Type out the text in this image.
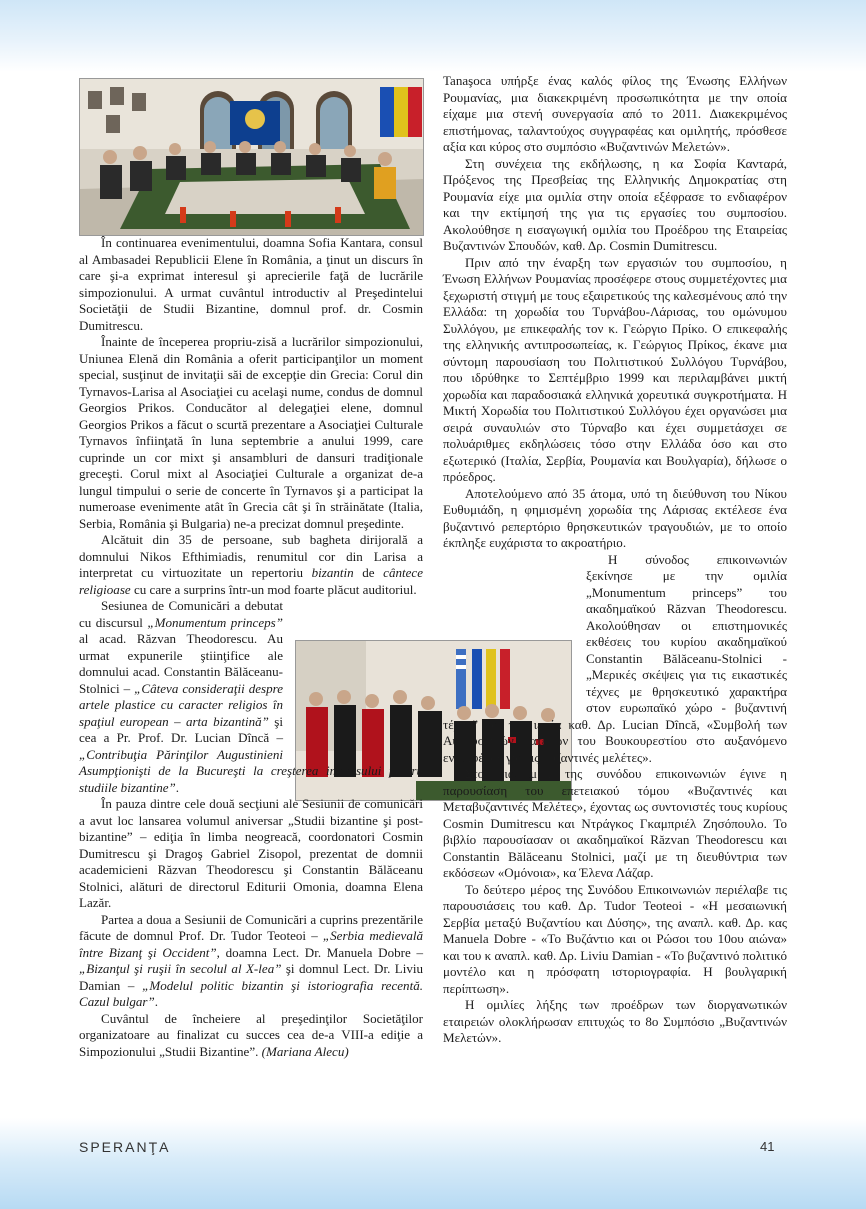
În continuarea evenimentului, doamna Sofia Kantara, consul al Ambasadei Republicii Elene în România, a ţinut un discurs în care şi-a exprimat interesul şi aprecierile faţă de lucrările simpozionului. A urmat cuvântul introductiv al Preşedintelui Societăţii de Studii Bizantine, domnul prof. dr. Cosmin Dumitrescu.

Înainte de începerea propriu-zisă a lucrărilor simpozionului, Uniunea Elenă din România a oferit participanţilor un moment special, susţinut de invitaţii săi de excepţie din Grecia: Corul din Tyrnavos-Larisa al Asociaţiei cu acelaşi nume, condus de domnul Georgios Prikos. Conducător al delegaţiei elene, domnul Georgios Prikos a făcut o scurtă prezentare a Asociaţiei Culturale Tyrnavos înfiinţată în luna septembrie a anului 1999, care cuprinde un cor mixt şi ansambluri de dansuri tradiţionale greceşti. Corul mixt al Asociaţiei Culturale a organizat de-a lungul timpului o serie de concerte în Tyrnavos şi a participat la numeroase evenimente atât în Grecia cât şi în străinătate (Italia, Serbia, România şi Bulgaria) ne-a precizat domnul preşedinte.

Alcătuit din 35 de persoane, sub bagheta dirijorală a domnului Nikos Efthimiadis, renumitul cor din Larisa a interpretat cu virtuozitate un repertoriu bizantin de cântece religioase cu care a surprins într-un mod foarte plăcut auditoriul.

Sesiunea de Comunicări a debutat cu discursul „Monumentum princeps” al acad. Răzvan Theodorescu. Au urmat expunerile ştiinţifice ale domnului acad. Constantin Bălăceanu-Stolnici – „Câteva consideraţii despre artele plastice cu caracter religios în spaţiul european – arta bizantină” şi cea a Pr. Prof. Dr. Lucian Dîncă – „Contribuţia Părinţilor Augustinieni Asumpţionişti de la Bucureşti la creşterea interesului pentru studiile bizantine”.

În pauza dintre cele două secţiuni ale Sesiunii de comunicări a avut loc lansarea volumul aniversar „Studii bizantine şi post-bizantine” – ediţia în limba neogreacă, coordonatori Cosmin Dumitrescu şi Dragoş Gabriel Zisopol, prezentat de domnii academicieni Răzvan Theodorescu şi Constantin Bălăceanu Stolnici, alături de directorul Editurii Omonia, doamna Elena Lazăr.

Partea a doua a Sesiunii de Comunicări a cuprins prezentările făcute de domnul Prof. Dr. Tudor Teoteoi – „Serbia medievală între Bizanţ şi Occident”, doamna Lect. Dr. Manuela Dobre – „Bizanţul şi ruşii în secolul al X-lea” şi domnul Lect. Dr. Liviu Damian – „Modelul politic bizantin şi istoriografia recentă. Cazul bulgar”.

Cuvântul de încheiere al preşedinţilor Societăţilor organizatoare au finalizat cu succes cea de-a VIII-a ediţie a Simpozionului „Studii Bizantine”. (Mariana Alecu)

Tanaşoca υπήρξε ένας καλός φίλος της Ένωσης Ελλήνων Ρουμανίας, μια διακεκριμένη προσωπικότητα με την οποία είχαμε μια στενή συνεργασία από το 2011. Διακεκριμένος επιστήμονας, ταλαντούχος συγγραφέας και ομιλητής, πρόσθεσε αξία και κύρος στο συμπόσιο «Βυζαντινών Μελετών».

Στη συνέχεια της εκδήλωσης, η κα Σοφία Κανταρά, Πρόξενος της Πρεσβείας της Ελληνικής Δημοκρατίας στη Ρουμανία είχε μια ομιλία στην οποία εξέφρασε το ενδιαφέρον και την εκτίμησή της για τις εργασίες του συμποσίου. Ακολούθησε η εισαγωγική ομιλία του Προέδρου της Εταιρείας Βυζαντινών Σπουδών, καθ. Δρ. Cosmin Dumitrescu.

Πριν από την έναρξη των εργασιών του συμποσίου, η Ένωση Ελλήνων Ρουμανίας προσέφερε στους συμμετέχοντες μια ξεχωριστή στιγμή με τους εξαιρετικούς της καλεσμένους από την Ελλάδα: τη χορωδία του Τυρνάβου-Λάρισας, του ομώνυμου Συλλόγου, με επικεφαλής τον κ. Γεώργιο Πρίκο. Ο επικεφαλής της ελληνικής αντιπροσωπείας, κ. Γεώργιος Πρίκος, έκανε μια σύντομη παρουσίαση του Πολιτιστικού Συλλόγου Τυρνάβου, που ιδρύθηκε το Σεπτέμβριο 1999 και περιλαμβάνει μικτή χορωδία και παραδοσιακά ελληνικά χορευτικά συγκροτήματα. Η Μικτή Χορωδία του Πολιτιστικού Συλλόγου έχει οργανώσει μια σειρά συναυλιών στο Τύρναβο και έχει συμμετάσχει σε πολυάριθμες εκδηλώσεις τόσο στην Ελλάδα όσο και στο εξωτερικό (Ιταλία, Σερβία, Ρουμανία και Βουλγαρία), δήλωσε ο πρόεδρος.

Αποτελούμενο από 35 άτομα, υπό τη διεύθυνση του Νίκου Ευθυμιάδη, η φημισμένη χορωδία της Λάρισας εκτέλεσε ένα βυζαντινό ρεπερτόριο θρησκευτικών τραγουδιών, με το οποίο έκπληξε ευχάριστα το ακροατήριο.

Η σύνοδος επικοινωνιών ξεκίνησε με την ομιλία „Monumentum princeps” του ακαδημαϊκού Răzvan Theodorescu. Ακολούθησαν οι επιστημονικές εκθέσεις του κυρίου ακαδημαϊκού Constantin Bălăceanu-Stolnici - „Μερικές σκέψεις για τις εικαστικές τέχνες με θρησκευτικό χαρακτήρα στον ευρωπαϊκό χώρο - βυζαντινή τέχνη” και του ιερέα καθ. Δρ. Lucian Dîncă, «Συμβολή των Αυγουστινών πατέρων του Βουκουρεστίου στο αυξανόμενο ενδιαφέρον για τις βυζαντινές μελέτες».

Στο διάλειμμά της συνόδου επικοινωνιών έγινε η παρουσίαση του επετειακού τόμου «Βυζαντινές και Μεταβυζαντινές Μελέτες», έχοντας ως συντονιστές τους κυρίους Cosmin Dumitrescu και Ντράγκος Γκαμπριέλ Ζησόπουλο. Το βιβλίο παρουσίασαν οι ακαδημαϊκοί Răzvan Theodorescu και Constantin Bălăceanu Stolnici, μαζί με τη διευθύντρια των εκδόσεων «Ομόνοια», κα Έλενα Λάζαρ.

Το δεύτερο μέρος της Συνόδου Επικοινωνιών περιέλαβε τις παρουσιάσεις του καθ. Δρ. Tudor Teoteoi - «Η μεσαιωνική Σερβία μεταξύ Βυζαντίου και Δύσης», της αναπλ. καθ. Δρ. κας Manuela Dobre - «Το Βυζάντιο και οι Ρώσοι του 10ου αιώνα» και του κ αναπλ. καθ. Δρ. Liviu Damian - «Το βυζαντινό πολιτικό μοντέλο και η πρόσφατη ιστοριογραφία. Η βουλγαρική περίπτωση».

Η ομιλίες λήξης των προέδρων των διοργανωτικών εταιρειών ολοκλήρωσαν επιτυχώς το 8ο Συμπόσιο „Βυζαντινών Μελετών».

SPERANŢA	41
